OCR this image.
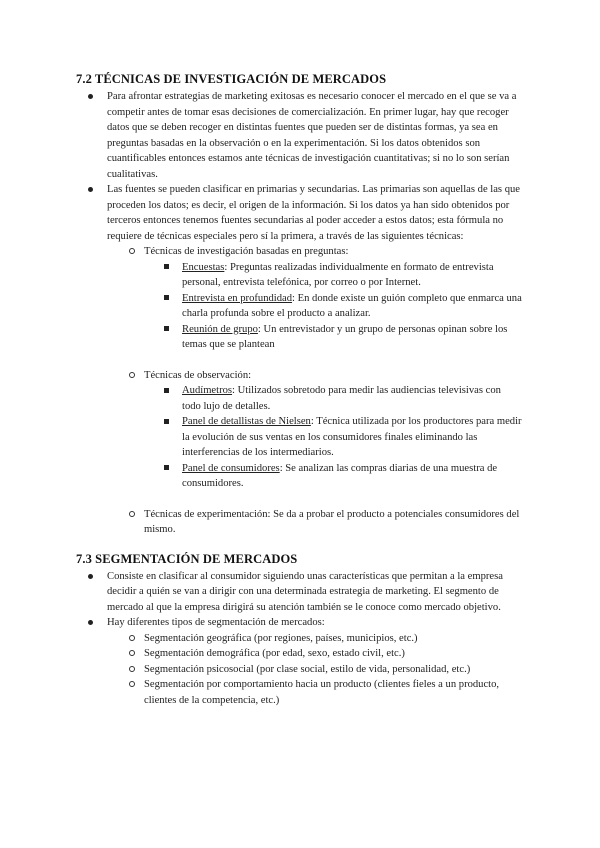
7.2 TÉCNICAS DE INVESTIGACIÓN DE MERCADOS

Para afrontar estrategias de marketing exitosas es necesario conocer el mercado en el que se va a competir antes de tomar esas decisiones de comercialización. En primer lugar, hay que recoger datos que se deben recoger en distintas fuentes que pueden ser de distintas formas, ya sea en preguntas basadas en la observación o en la experimentación. Si los datos obtenidos son cuantificables entonces estamos ante técnicas de investigación cuantitativas; si no lo son serían cualitativas.

Las fuentes se pueden clasificar en primarias y secundarias. Las primarias son aquellas de las que proceden los datos; es decir, el origen de la información. Si los datos ya han sido obtenidos por terceros entonces tenemos fuentes secundarias al poder acceder a estos datos; esta fórmula no requiere de técnicas especiales pero sí la primera, a través de las siguientes técnicas:

Técnicas de investigación basadas en preguntas:

Encuestas: Preguntas realizadas individualmente en formato de entrevista personal, entrevista telefónica, por correo o por Internet.

Entrevista en profundidad: En donde existe un guión completo que enmarca una charla profunda sobre el producto a analizar.

Reunión de grupo: Un entrevistador y un grupo de personas opinan sobre los temas que se plantean

Técnicas de observación:

Audímetros: Utilizados sobretodo para medir las audiencias televisivas con todo lujo de detalles.

Panel de detallistas de Nielsen: Técnica utilizada por los productores para medir la evolución de sus ventas en los consumidores finales eliminando las interferencias de los intermediarios.

Panel de consumidores: Se analizan las compras diarias de una muestra de consumidores.

Técnicas de experimentación: Se da a probar el producto a potenciales consumidores del mismo.

7.3 SEGMENTACIÓN DE MERCADOS

Consiste en clasificar al consumidor siguiendo unas características que permitan a la empresa decidir a quién se van a dirigir con una determinada estrategia de marketing. El segmento de mercado al que la empresa dirigirá su atención también se le conoce como mercado objetivo.

Hay diferentes tipos de segmentación de mercados:

Segmentación geográfica (por regiones, países, municipios, etc.)

Segmentación demográfica (por edad, sexo, estado civil, etc.)

Segmentación psicosocial (por clase social, estilo de vida, personalidad, etc.)

Segmentación por comportamiento hacia un producto (clientes fieles a un producto, clientes de la competencia, etc.)
